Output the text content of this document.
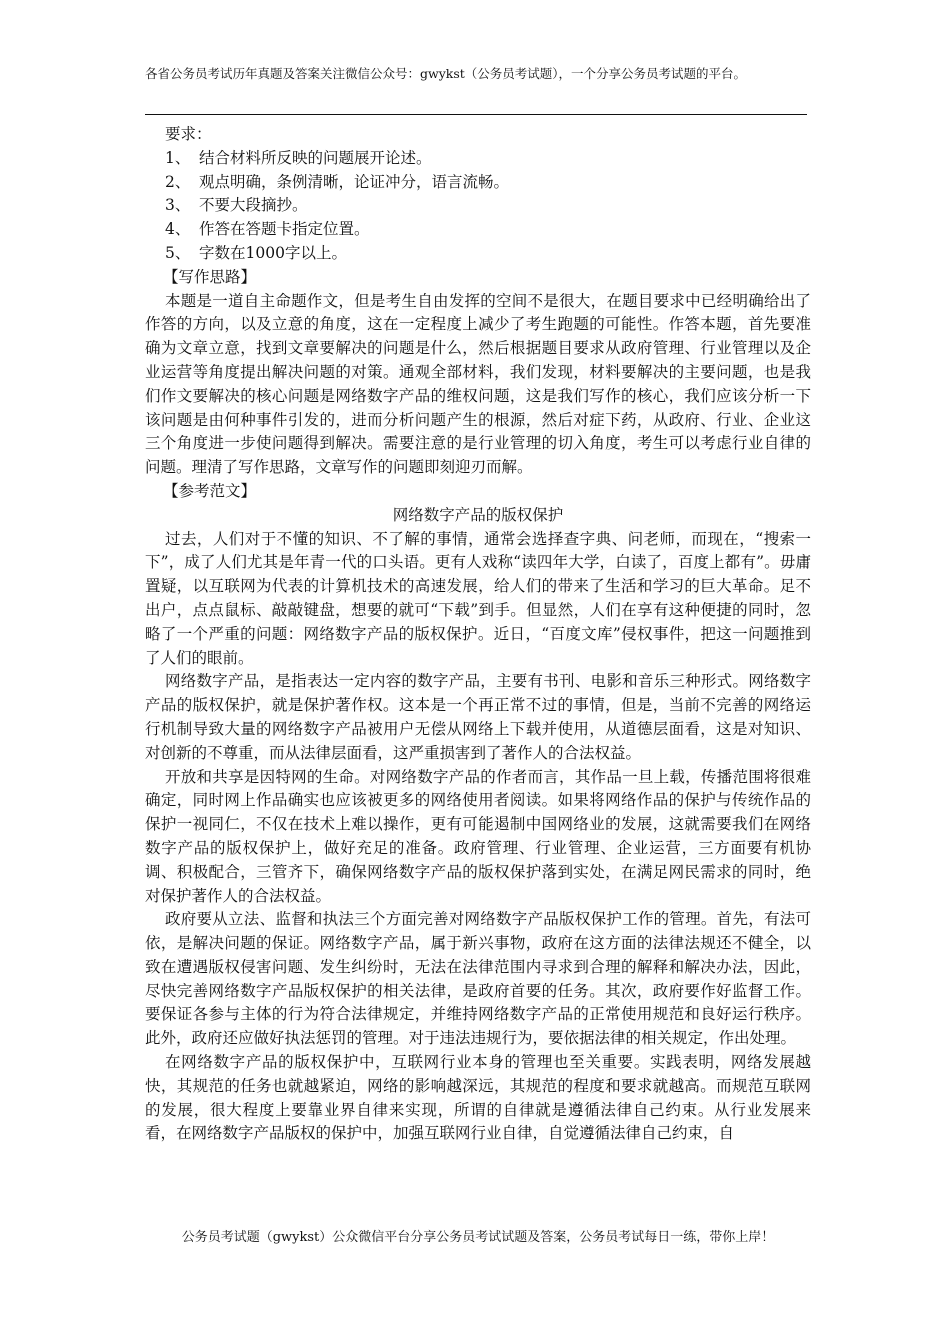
各省公务员考试历年真题及答案关注微信公众号：gwykst（公务员考试题），一个分享公务员考试题的平台。

要求：

1、 结合材料所反映的问题展开论述。
2、 观点明确，条例清晰，论证冲分，语言流畅。
3、 不要大段摘抄。
4、 作答在答题卡指定位置。
5、 字数在1000字以上。

【写作思路】

本题是一道自主命题作文，但是考生自由发挥的空间不是很大，在题目要求中已经明确给出了作答的方向，以及立意的角度，这在一定程度上减少了考生跑题的可能性。作答本题，首先要准确为文章立意，找到文章要解决的问题是什么，然后根据题目要求从政府管理、行业管理以及企业运营等角度提出解决问题的对策。通观全部材料，我们发现，材料要解决的主要问题，也是我们作文要解决的核心问题是网络数字产品的维权问题，这是我们写作的核心，我们应该分析一下该问题是由何种事件引发的，进而分析问题产生的根源，然后对症下药，从政府、行业、企业这三个角度进一步使问题得到解决。需要注意的是行业管理的切入角度，考生可以考虑行业自律的问题。理清了写作思路，文章写作的问题即刻迎刃而解。

【参考范文】

网络数字产品的版权保护

过去，人们对于不懂的知识、不了解的事情，通常会选择查字典、问老师，而现在，“搜索一下”，成了人们尤其是年青一代的口头语。更有人戏称“读四年大学，白读了，百度上都有”。毋庸置疑，以互联网为代表的计算机技术的高速发展，给人们的带来了生活和学习的巨大革命。足不出户，点点鼠标、敲敲键盘，想要的就可“下载”到手。但显然，人们在享有这种便捷的同时，忽略了一个严重的问题：网络数字产品的版权保护。近日，“百度文库”侵权事件，把这一问题推到了人们的眼前。

网络数字产品，是指表达一定内容的数字产品，主要有书刊、电影和音乐三种形式。网络数字产品的版权保护，就是保护著作权。这本是一个再正常不过的事情，但是，当前不完善的网络运行机制导致大量的网络数字产品被用户无偿从网络上下载并使用，从道德层面看，这是对知识、对创新的不尊重，而从法律层面看，这严重损害到了著作人的合法权益。

开放和共享是因特网的生命。对网络数字产品的作者而言，其作品一旦上载，传播范围将很难确定，同时网上作品确实也应该被更多的网络使用者阅读。如果将网络作品的保护与传统作品的保护一视同仁，不仅在技术上难以操作，更有可能遏制中国网络业的发展，这就需要我们在网络数字产品的版权保护上，做好充足的准备。政府管理、行业管理、企业运营，三方面要有机协调、积极配合，三管齐下，确保网络数字产品的版权保护落到实处，在满足网民需求的同时，绝对保护著作人的合法权益。

政府要从立法、监督和执法三个方面完善对网络数字产品版权保护工作的管理。首先，有法可依，是解决问题的保证。网络数字产品，属于新兴事物，政府在这方面的法律法规还不健全，以致在遭遇版权侵害问题、发生纠纷时，无法在法律范围内寻求到合理的解释和解决办法，因此，尽快完善网络数字产品版权保护的相关法律，是政府首要的任务。其次，政府要作好监督工作。要保证各参与主体的行为符合法律规定，并维持网络数字产品的正常使用规范和良好运行秩序。此外，政府还应做好执法惩罚的管理。对于违法违规行为，要依据法律的相关规定，作出处理。

在网络数字产品的版权保护中，互联网行业本身的管理也至关重要。实践表明，网络发展越快，其规范的任务也就越紧迫，网络的影响越深远，其规范的程度和要求就越高。而规范互联网的发展，很大程度上要靠业界自律来实现，所谓的自律就是遵循法律自己约束。从行业发展来看，在网络数字产品版权的保护中，加强互联网行业自律，自觉遵循法律自己约束，自

公务员考试题（gwykst）公众微信平台分享公务员考试试题及答案，公务员考试每日一练，带你上岸！
